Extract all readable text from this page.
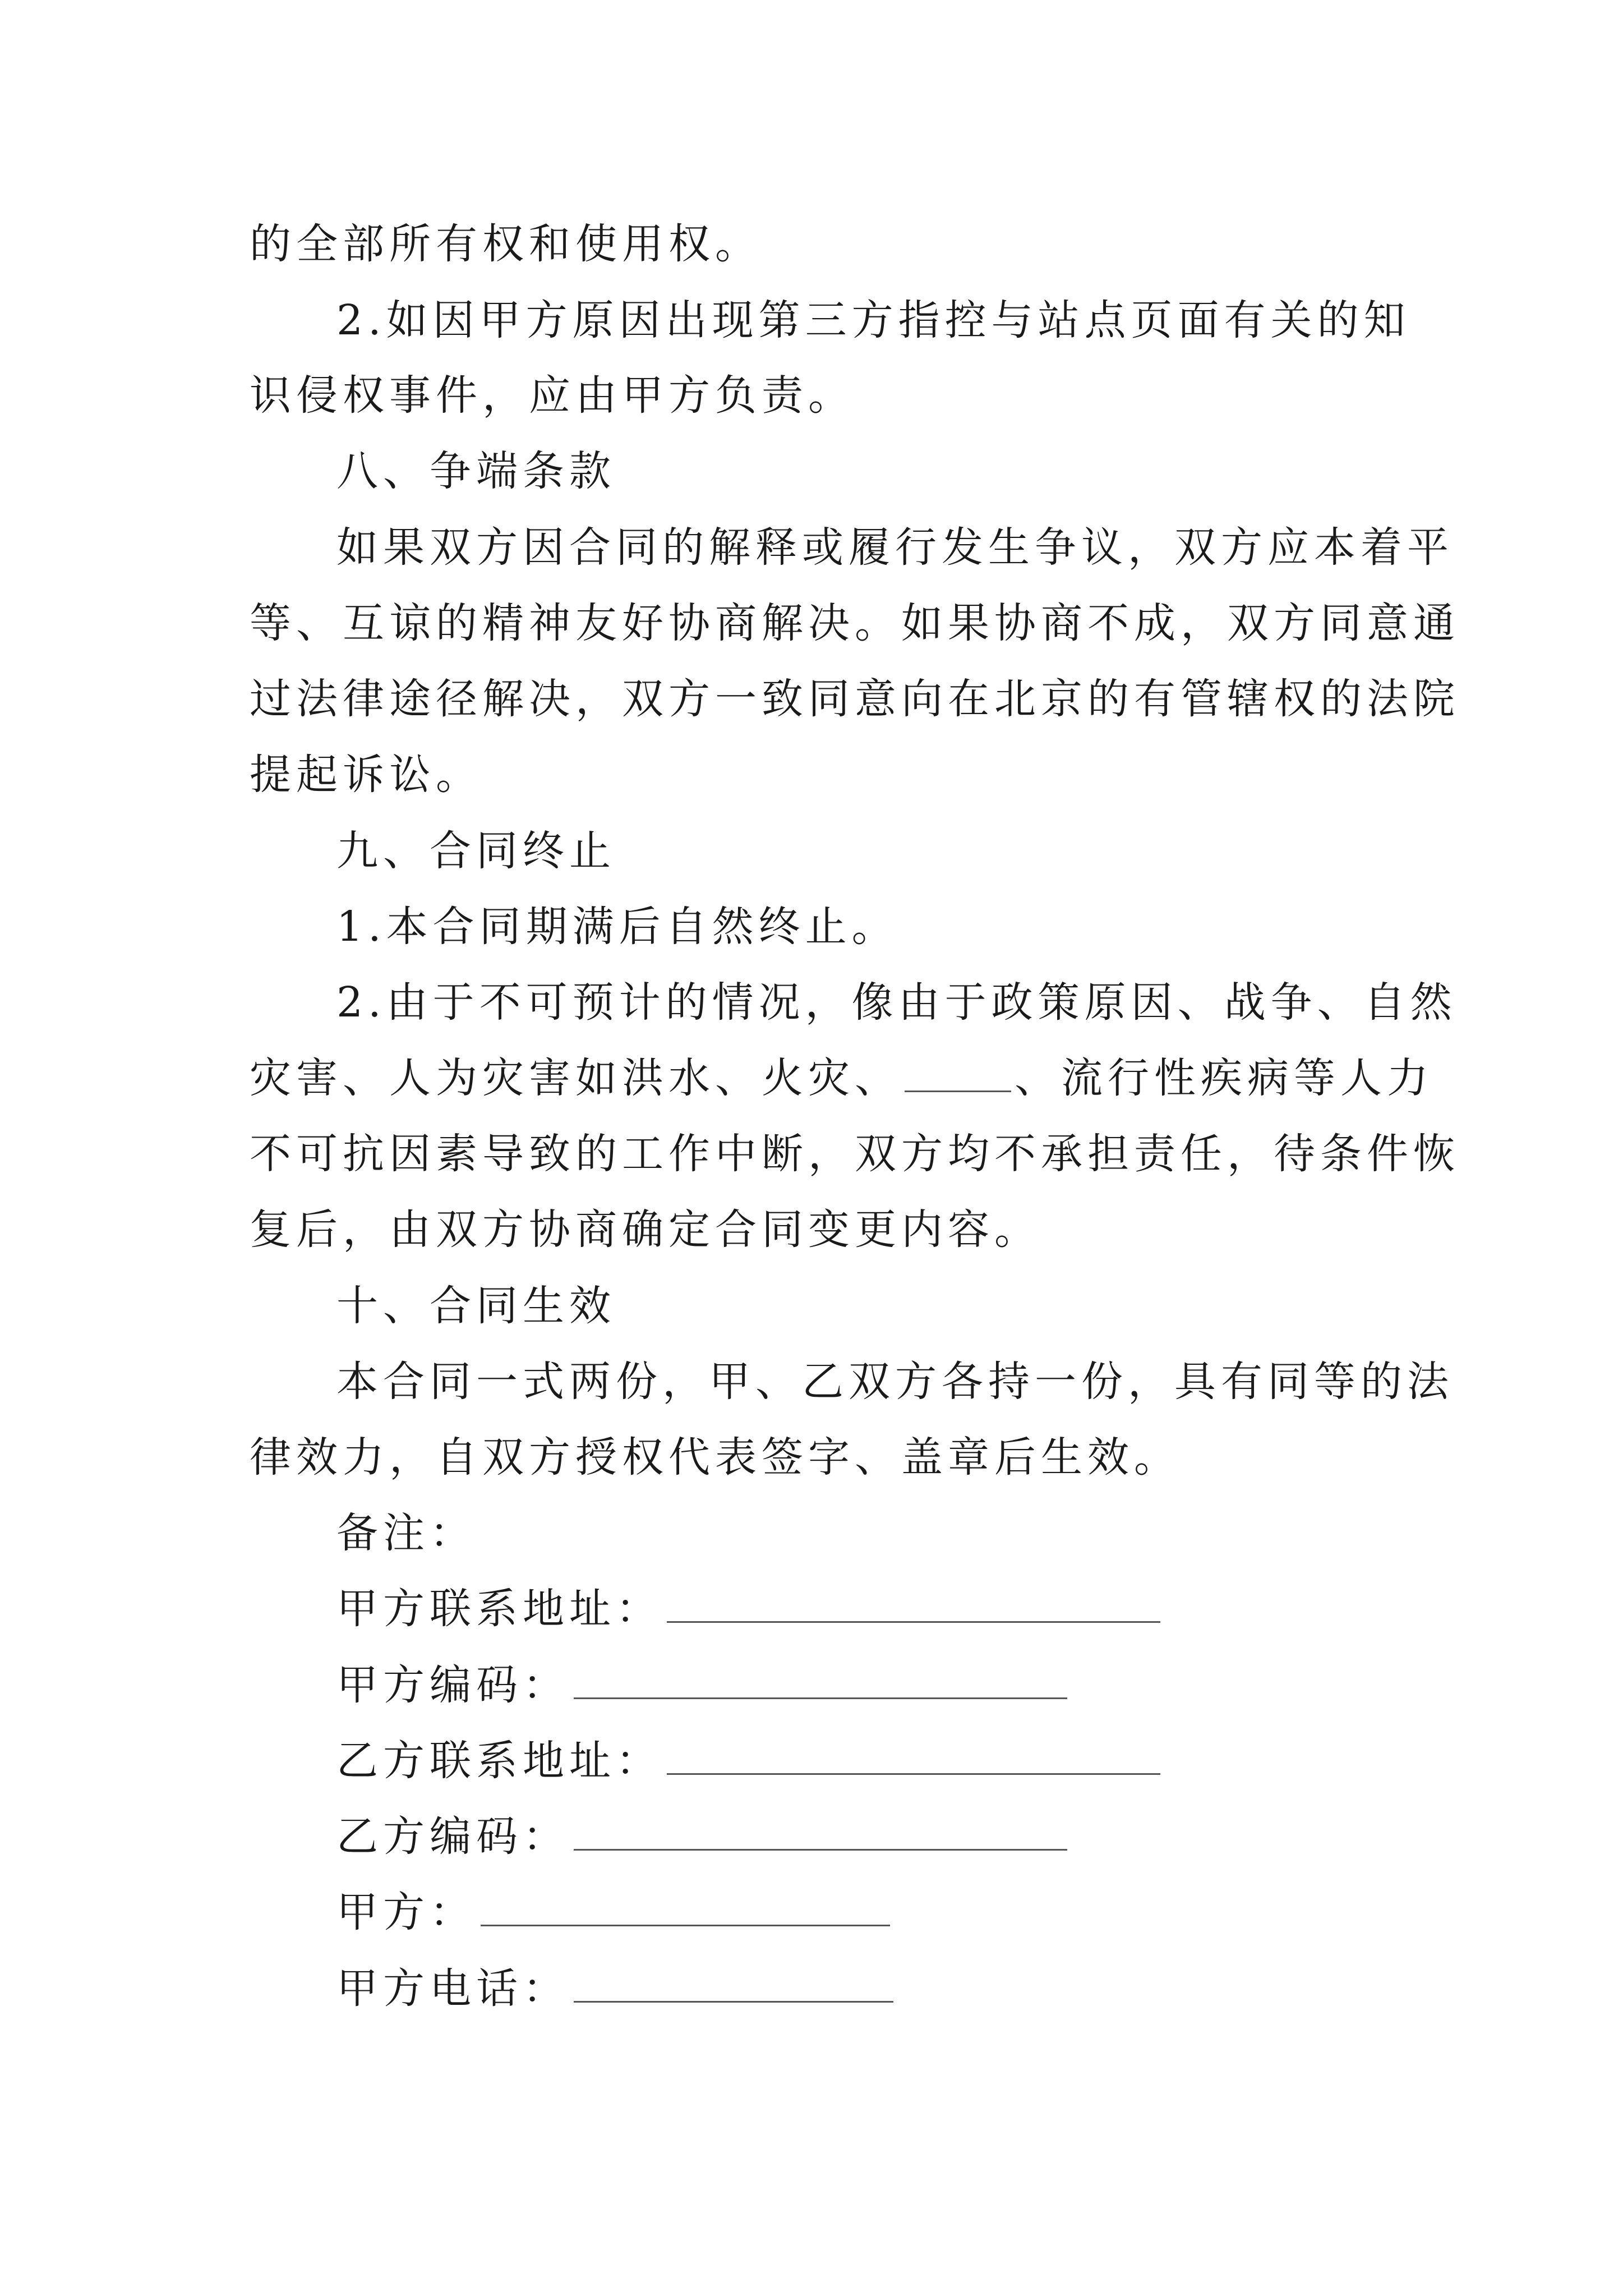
的全部所有权和使用权。
2.如因甲方原因出现第三方指控与站点页面有关的知
识侵权事件，应由甲方负责。
八、争端条款
如果双方因合同的解释或履行发生争议，双方应本着平
等、互谅的精神友好协商解决。如果协商不成，双方同意通
过法律途径解决，双方一致同意向在北京的有管辖权的法院
提起诉讼。
九、合同终止
1.本合同期满后自然终止。
2.由于不可预计的情况，像由于政策原因、战争、自然
灾害、人为灾害如洪水、火灾、	、流行性疾病等人力
不可抗因素导致的工作中断，双方均不承担责任，待条件恢
复后，由双方协商确定合同变更内容。
十、合同生效
本合同一式两份，甲、乙双方各持一份，具有同等的法
律效力，自双方授权代表签字、盖章后生效。
备注：
甲方联系地址：
甲方编码：
乙方联系地址：
乙方编码：
甲方：
甲方电话：
